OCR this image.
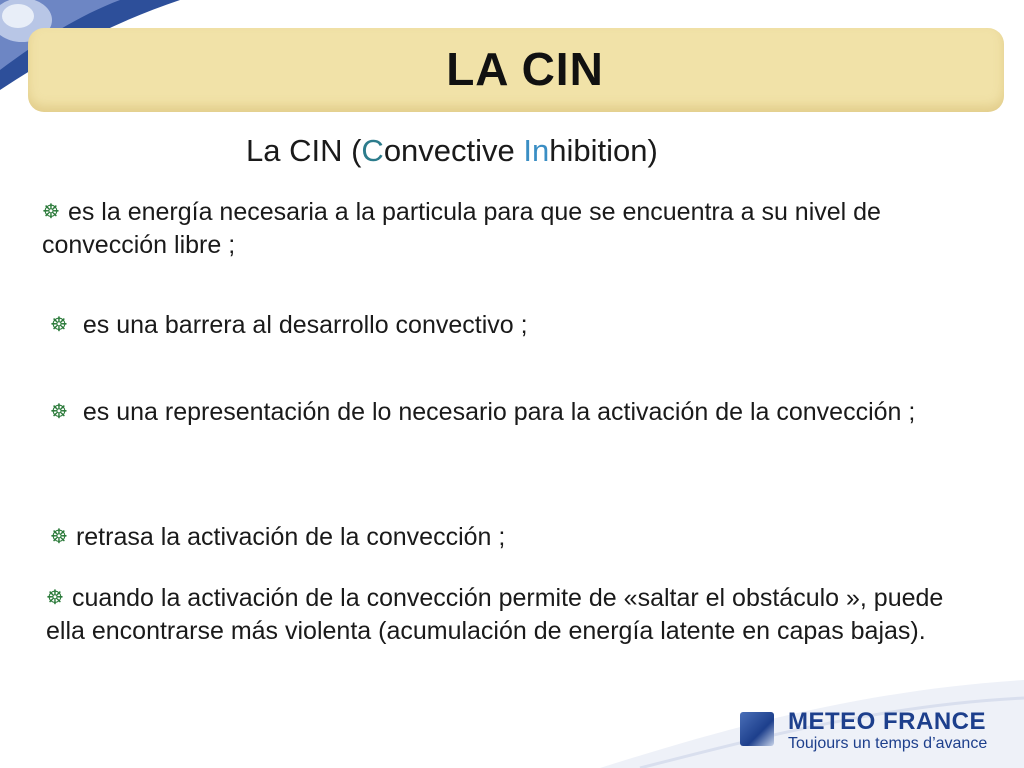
LA CIN
La CIN (Convective Inhibition)
☸ es la energía necesaria a la particula para que se encuentra a su nivel de convección libre ;
☸ es una barrera al desarrollo convectivo ;
☸ es una representación de lo necesario para la activación de la convección ;
☸ retrasa la activación de la convección ;
☸ cuando la activación de la convección permite de «saltar el obstáculo », puede ella encontrarse más violenta (acumulación de energía latente en capas bajas).
METEO FRANCE
Toujours un temps d’avance
